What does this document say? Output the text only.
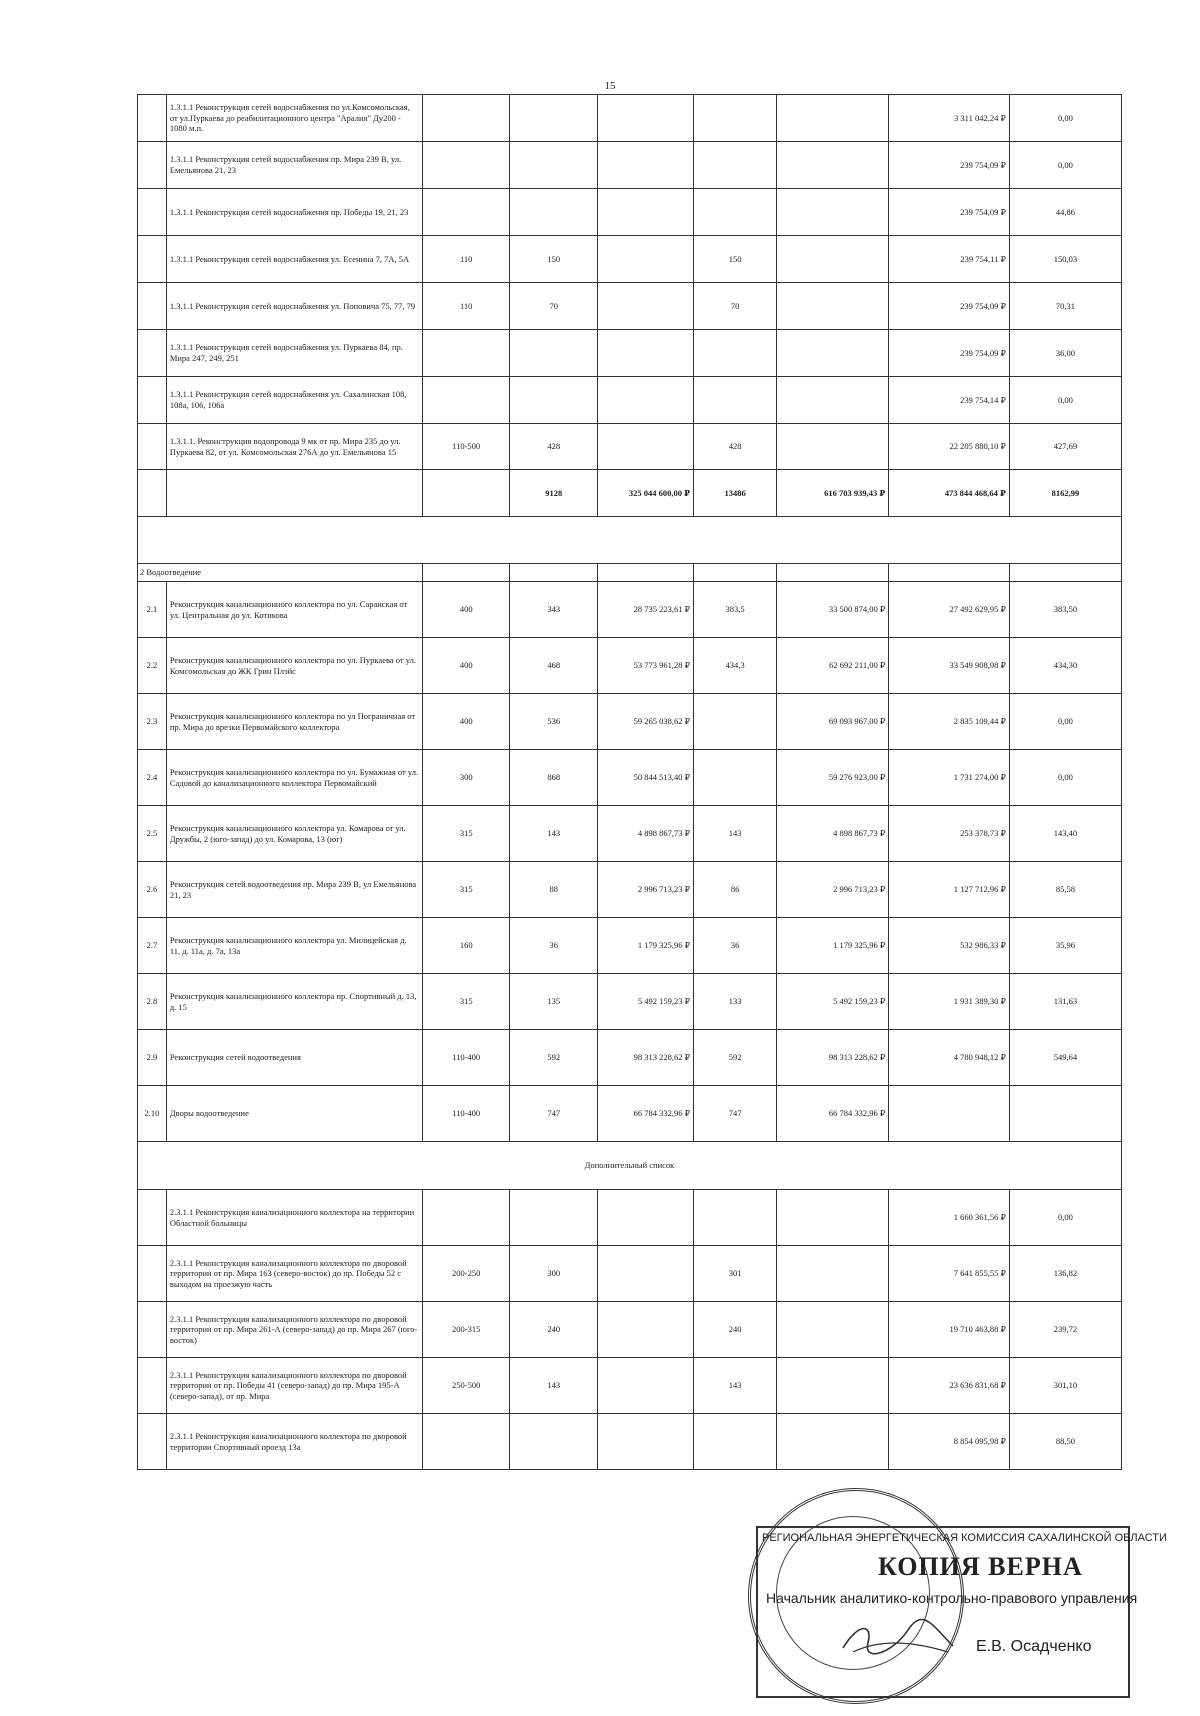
15
	1.3.1.1 Реконструкция сетей водоснабжения по ул.Комсомольская, от ул.Пуркаева до реабилитационного центра "Аралия" Ду200 - 1080 м.п.						3 311 042,24 ₽	0,00
	1.3.1.1 Реконструкция сетей водоснабжения пр. Мира 239 В, ул. Емельянова 21, 23						239 754,09 ₽	0,00
	1.3.1.1 Реконструкция сетей водоснабжения пр. Победы 19, 21, 23						239 754,09 ₽	44,86
	1.3.1.1 Реконструкция сетей водоснабжения ул. Есенина 7, 7А, 5А	110	150		150		239 754,11 ₽	150,03
	1.3.1.1 Реконструкция сетей водоснабжения ул. Поповича 75, 77, 79	110	70		70		239 754,09 ₽	70,31
	1.3.1.1 Реконструкция сетей водоснабжения ул. Пуркаева 84, пр. Мира 247, 249, 251						239 754,09 ₽	36,00
	1.3.1.1 Реконструкция сетей водоснабжения ул. Сахалинская 108, 108а, 106, 106а						239 754,14 ₽	0,00
	1.3.1.1. Реконструкция водопровода 9 мк от пр. Мира 235 до ул. Пуркаева 82, от ул. Комсомольская 276А до ул. Емельянова 15	110-500	428		428		22 205 880,10 ₽	427,69
			9128	325 044 600,00 ₽	13486	616 703 939,43 ₽	473 844 468,64 ₽	8162,99

2 Водоотведение								
2.1	Реконструкция канализационного коллектора по ул. Саранская от ул. Центральная до ул. Котикова	400	343	28 735 223,61 ₽	383,5	33 500 874,00 ₽	27 492 629,95 ₽	383,50
2.2	Реконструкция канализационного коллектора по ул. Пуркаева от ул. Комсомольская до ЖК Грин Плэйс	400	468	53 773 961,28 ₽	434,3	62 692 211,00 ₽	33 549 908,98 ₽	434,30
2.3	Реконструкция канализационного коллектора по ул Пограничная от пр. Мира до врезки Первомайского коллектора	400	536	59 265 038,62 ₽		69 093 967,00 ₽	2 835 109,44 ₽	0,00
2.4	Реконструкция канализационного коллектора по ул. Бумажная от ул. Садовой до канализационного коллектора Первомайский	300	868	50 844 513,40 ₽		59 276 923,00 ₽	1 731 274,00 ₽	0,00
2.5	Реконструкция канализационного коллектора ул. Комарова от ул. Дружбы, 2 (юго-запад) до ул. Комарова, 13 (юг)	315	143	4 898 867,73 ₽	143	4 898 867,73 ₽	253 378,73 ₽	143,40
2.6	Реконструкция сетей водоотведения пр. Мира 239 В, ул Емельянова 21, 23	315	88	2 996 713,23 ₽	86	2 996 713,23 ₽	1 127 712,96 ₽	85,58
2.7	Реконструкция канализационного коллектора ул. Милицейская д. 11, д. 11а, д. 7а, 13а	160	36	1 179 325,96 ₽	36	1 179 325,96 ₽	532 986,33 ₽	35,96
2.8	Реконструкция канализационного коллектора пр. Спортивный д. 13, д. 15	315	135	5 492 159,23 ₽	133	5 492 159,23 ₽	1 931 389,30 ₽	131,63
2.9	Реконструкция сетей водоотведения	110-400	592	98 313 228,62 ₽	592	98 313 228,62 ₽	4 780 948,12 ₽	549,64
2.10	Дворы водоотведение	110-400	747	66 784 332,96 ₽	747	66 784 332,96 ₽		
Дополнительный список								
	2.3.1.1 Реконструкция канализационного коллектора на территории Областной больницы						1 660 361,56 ₽	0,00
	2.3.1.1 Реконструкция канализационного коллектора по дворовой территории от пр. Мира 163 (северо-восток) до пр. Победы 52 с выходом на проезжую часть	200-250	300		301		7 641 855,55 ₽	136,82
	2.3.1.1 Реконструкция канализационного коллектора по дворовой территории от пр. Мира 261-А (северо-запад) до пр. Мира 267 (юго-восток)	200-315	240		240		19 710 463,88 ₽	239,72
	2.3.1.1 Реконструкция канализационного коллектора по дворовой территории от пр. Победы 41 (северо-запад) до пр. Мира 195-А (северо-запад), от пр. Мира	250-500	143		143		23 636 831,68 ₽	301,10
	2.3.1.1 Реконструкция канализационного коллектора по дворовой территории Спортивный проезд 13а						8 854 095,98 ₽	88,50
РЕГИОНАЛЬНАЯ ЭНЕРГЕТИЧЕСКАЯ КОМИССИЯ САХАЛИНСКОЙ ОБЛАСТИ
КОПИЯ ВЕРНА
Начальник аналитико-контрольно-правового управления
Е.В. Осадченко
